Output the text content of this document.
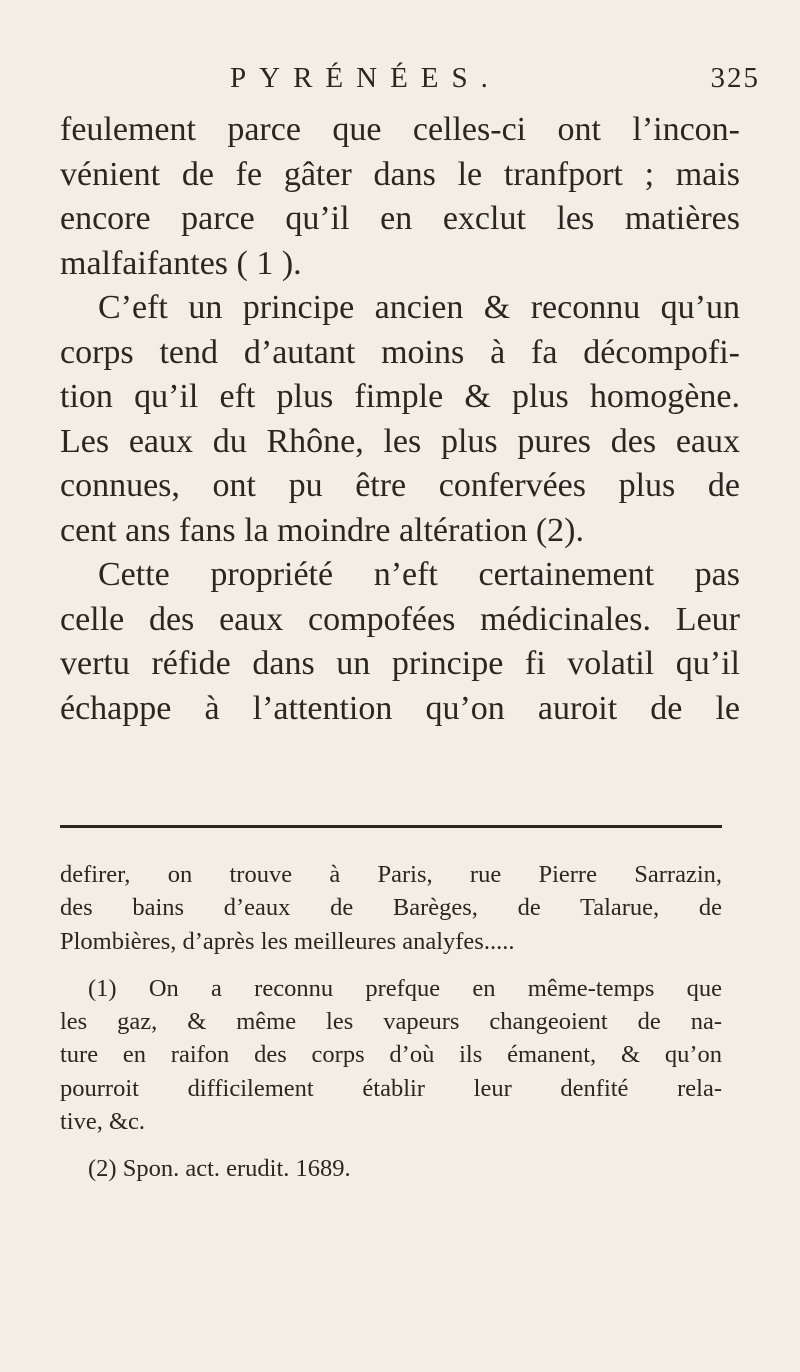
PYRÉNÉES.	325
feulement parce que celles-ci ont l’incon-
vénient de fe gâter dans le tranfport ; mais
encore parce qu’il en exclut les matières
malfaifantes ( 1 ).
C’eft un principe ancien & reconnu qu’un
corps tend d’autant moins à fa décompofi-
tion qu’il eft plus fimple & plus homogène.
Les eaux du Rhône, les plus pures des eaux
connues, ont pu être confervées plus de
cent ans fans la moindre altération (2).
Cette propriété n’eft certainement pas
celle des eaux compofées médicinales. Leur
vertu réfide dans un principe fi volatil qu’il
échappe à l’attention qu’on auroit de le
defirer, on trouve à Paris, rue Pierre Sarrazin,
des bains d’eaux de Barèges, de Talarue, de
Plombières, d’après les meilleures analyfes.....
(1) On a reconnu prefque en même-temps que
les gaz, & même les vapeurs changeoient de na-
ture en raifon des corps d’où ils émanent, & qu’on
pourroit difficilement établir leur denfité rela-
tive, &c.
(2) Spon. act. erudit. 1689.
